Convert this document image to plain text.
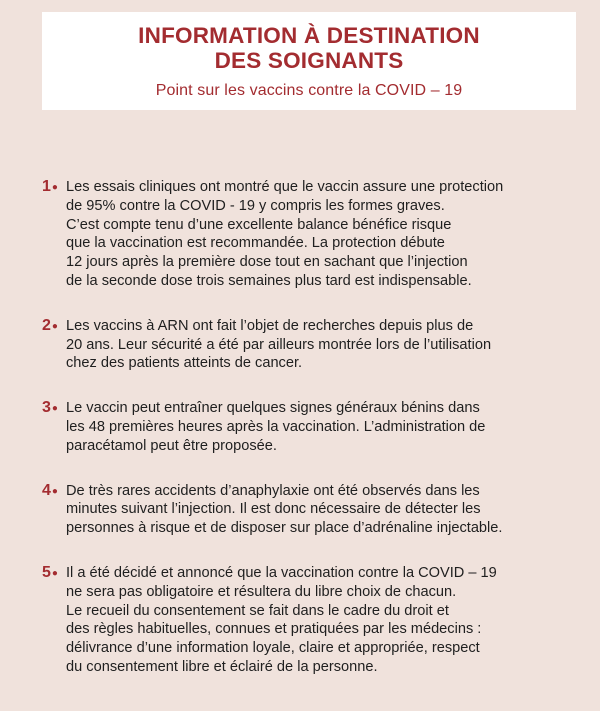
INFORMATION À DESTINATION
DES SOIGNANTS
Point sur les vaccins contre la COVID – 19
1● Les essais cliniques ont montré que le vaccin assure une protection
de 95% contre la COVID - 19 y compris les formes graves.
C’est compte tenu d’une excellente balance bénéfice risque
que la vaccination est recommandée. La protection débute
12 jours après la première dose tout en sachant que l’injection
de la seconde dose trois semaines plus tard est indispensable.
2● Les vaccins à ARN ont fait l’objet de recherches depuis plus de
20 ans. Leur sécurité a été par ailleurs montrée lors de l’utilisation
chez des patients atteints de cancer.
3● Le vaccin peut entraîner quelques signes généraux bénins dans
les 48 premières heures après la vaccination. L’administration de
paracétamol peut être proposée.
4● De très rares accidents d’anaphylaxie ont été observés dans les
minutes suivant l’injection. Il est donc nécessaire de détecter les
personnes à risque et de disposer sur place d’adrénaline injectable.
5● Il a été décidé et annoncé que la vaccination contre la COVID – 19
ne sera pas obligatoire et résultera du libre choix de chacun.
Le recueil du consentement se fait dans le cadre du droit et
des règles habituelles, connues et pratiquées par les médecins :
délivrance d’une information loyale, claire et appropriée, respect
du consentement libre et éclairé de la personne.
